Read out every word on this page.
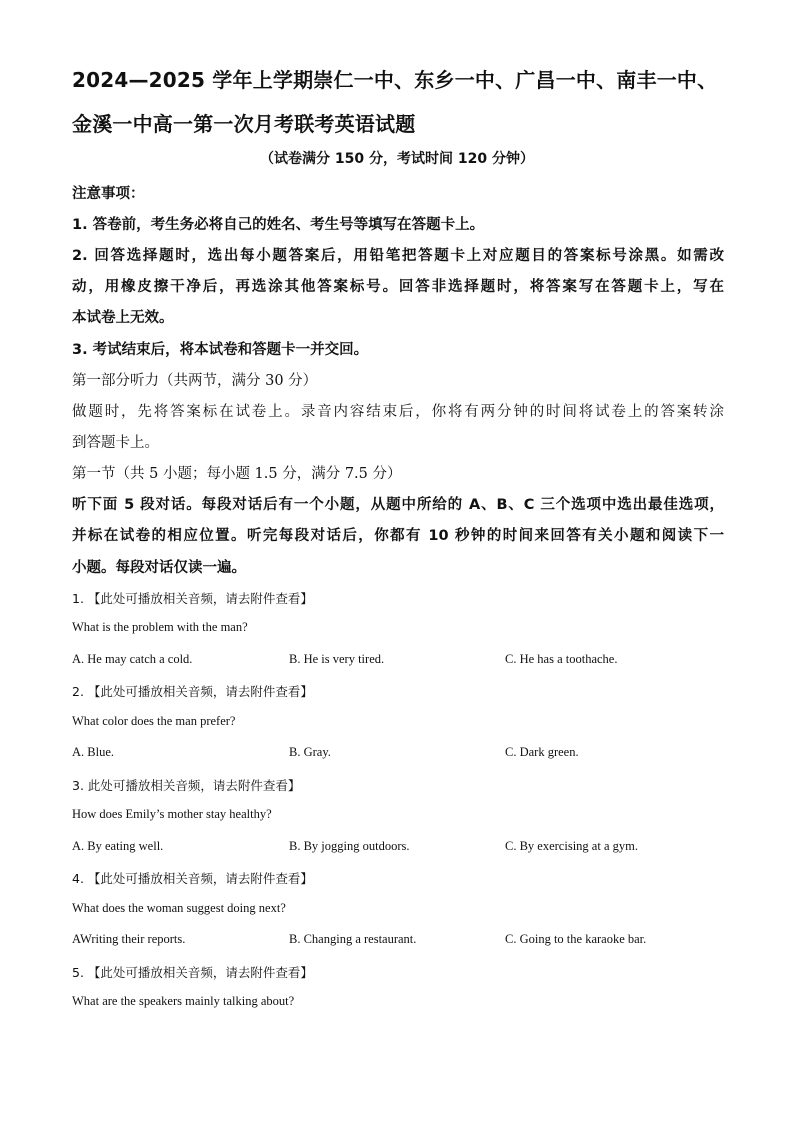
2024—2025 学年上学期崇仁一中、东乡一中、广昌一中、南丰一中、
金溪一中高一第一次月考联考英语试题
（试卷满分 150 分，考试时间 120 分钟）
注意事项：
1. 答卷前，考生务必将自己的姓名、考生号等填写在答题卡上。
2. 回答选择题时，选出每小题答案后，用铅笔把答题卡上对应题目的答案标号涂黑。如需改
动，用橡皮擦干净后，再选涂其他答案标号。回答非选择题时，将答案写在答题卡上，写在
本试卷上无效。
3. 考试结束后，将本试卷和答题卡一并交回。
第一部分听力（共两节，满分 30 分）
做题时，先将答案标在试卷上。录音内容结束后，你将有两分钟的时间将试卷上的答案转涂
到答题卡上。
第一节（共 5 小题；每小题 1.5 分，满分 7.5 分）
听下面 5 段对话。每段对话后有一个小题，从题中所给的 A、B、C 三个选项中选出最佳选项，
并标在试卷的相应位置。听完每段对话后，你都有 10 秒钟的时间来回答有关小题和阅读下一
小题。每段对话仅读一遍。
1. 【此处可播放相关音频，请去附件查看】
What is the problem with the man?
A. He may catch a cold.	B. He is very tired.	C. He has a toothache.
2. 【此处可播放相关音频，请去附件查看】
What color does the man prefer?
A. Blue.	B. Gray.	C. Dark green.
3. 此处可播放相关音频，请去附件查看】
How does Emily’s mother stay healthy?
A. By eating well.	B. By jogging outdoors.	C. By exercising at a gym.
4. 【此处可播放相关音频，请去附件查看】
What does the woman suggest doing next?
AWriting their reports.	B. Changing a restaurant.	C. Going to the karaoke bar.
5. 【此处可播放相关音频，请去附件查看】
What are the speakers mainly talking about?
